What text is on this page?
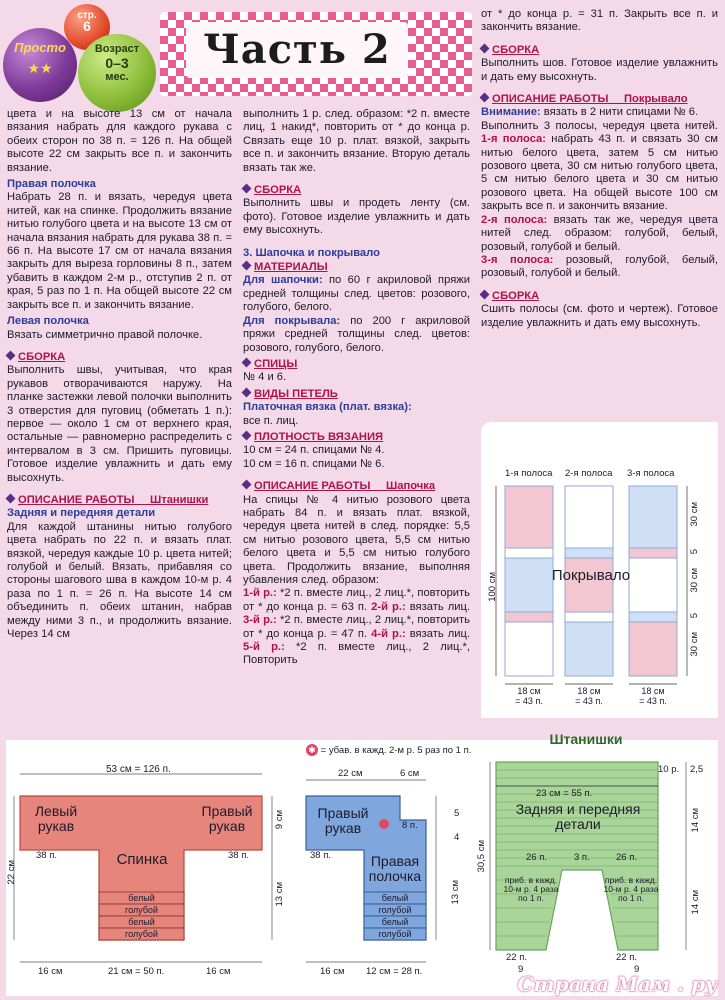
Просто
★★
стр.
6
Возраст
0–3
мес.
Часть 2

цвета и на высоте 13 см от начала вязания набрать для каждого рукава с обеих сторон по 38 п. = 126 п. На общей высоте 22 см закрыть все п. и закончить вязание.

Правая полочка

Набрать 28 п. и вязать, чередуя цвета нитей, как на спинке. Продолжить вязание нитью голубого цвета и на высоте 13 см от начала вязания набрать для рукава 38 п. = 66 п. На высоте 17 см от начала вязания закрыть для выреза горловины 8 п., затем убавить в каждом 2-м р., отступив 2 п. от края, 5 раз по 1 п. На общей высоте 22 см закрыть все п. и закончить вязание.

Левая полочка

Вязать симметрично правой полочке.

СБОРКА

Выполнить швы, учитывая, что края рукавов отворачиваются наружу. На планке застежки левой полочки выполнить 3 отверстия для пуговиц (обметать 1 п.): первое — около 1 см от верхнего края, остальные — равномерно распределить с интервалом в 3 см. Пришить пуговицы. Готовое изделие увлажнить и дать ему высохнуть.

ОПИСАНИЕ РАБОТЫ     Штанишки

Задняя и передняя детали

Для каждой штанины нитью голубого цвета набрать по 22 п. и вязать плат. вязкой, чередуя каждые 10 р. цвета нитей; голубой и белый. Вязать, прибавляя со стороны шагового шва в каждом 10-м р. 4 раза по 1 п. = 26 п. На высоте 14 см объединить п. обеих штанин, набрав между ними 3 п., и продолжить вязание. Через 14 см

выполнить 1 р. след. образом: *2 п. вместе лиц, 1 накид*, повторить от * до конца р. Связать еще 10 р. плат. вязкой, закрыть все п. и закончить вязание. Вторую деталь вязать так же.

СБОРКА

Выполнить швы и продеть ленту (см. фото). Готовое изделие увлажнить и дать ему высохнуть.

3. Шапочка и покрывало
МАТЕРИАЛЫ

Для шапочки: по 60 г акриловой пряжи средней толщины след. цветов: розового, голубого, белого.

Для покрывала: по 200 г акриловой пряжи средней толщины след. цветов: розового, голубого, белого.

СПИЦЫ

№ 4 и 6.

ВИДЫ ПЕТЕЛЬ

Платочная вязка (плат. вязка):

все п. лиц.

ПЛОТНОСТЬ ВЯЗАНИЯ

10 см = 24 п. спицами № 4.

10 см = 16 п. спицами № 6.

ОПИСАНИЕ РАБОТЫ     Шапочка

На спицы № 4 нитью розового цвета набрать 84 п. и вязать плат. вязкой, чередуя цвета нитей в след. порядке: 5,5 см нитью розового цвета, 5,5 см нитью белого цвета и 5,5 см нитью голубого цвета. Продолжить вязание, выполняя убавления след. образом:

1-й р.: *2 п. вместе лиц., 2 лиц.*, повторить от * до конца р. = 63 п. 2-й р.: вязать лиц. 3-й р.: *2 п. вместе лиц., 2 лиц.*, повторить от * до конца р. = 47 п. 4-й р.: вязать лиц. 5-й р.: *2 п. вместе лиц., 2 лиц.*, Повторить

от * до конца р. = 31 п. Закрыть все п. и закончить вязание.

СБОРКА

Выполнить шов. Готовое изделие увлажнить и дать ему высохнуть.

ОПИСАНИЕ РАБОТЫ     Покрывало

Внимание: вязать в 2 нити спицами № 6.

Выполнить 3 полосы, чередуя цвета нитей. 1-я полоса: набрать 43 п. и связать 30 см нитью белого цвета, затем 5 см нитью розового цвета, 30 см нитью голубого цвета, 5 см нитью белого цвета и 30 см нитью розового цвета. На общей высоте 100 см закрыть все п. и закончить вязание.

2-я полоса: вязать так же, чередуя цвета нитей след. образом: голубой, белый, розовый, голубой и белый.

3-я полоса: розовый, голубой, белый, розовый, голубой и белый.

СБОРКА

Сшить полосы (см. фото и чертеж). Готовое изделие увлажнить и дать ему высохнуть.

1-я полоса 2-я полоса 3-я полоса
Покрывало
100 см
30 см
5
30 см
5
30 см
18 см
= 43 п.
18 см
= 43 п.
18 см
= 43 п.
✱ = убав. в кажд. 2-м р. 5 раз по 1 п.
53 см = 126 п.
Левый рукав
Правый рукав
Спинка
38 п.	38 п.
22 см
9 см
13 см
белый
голубой
белый
голубой
16 см	21 см = 50 п.	16 см
22 см	6 см
Правый рукав	8 п.
38 п.	Правая полочка
5
4
13 см
белый
голубой
белый
голубой
16 см 12 см = 28 п.
Штанишки
10 р. 2,5
23 см = 55 п.
Задняя и передняя детали
26 п.	3 п.	26 п.
приб. в кажд. 10-м р. 4 раза по 1 п.
приб. в кажд. 10-м р. 4 раза по 1 п.
30,5 см
14 см
14 см
22 п.	22 п.
9	9
Страна Мам . ру
